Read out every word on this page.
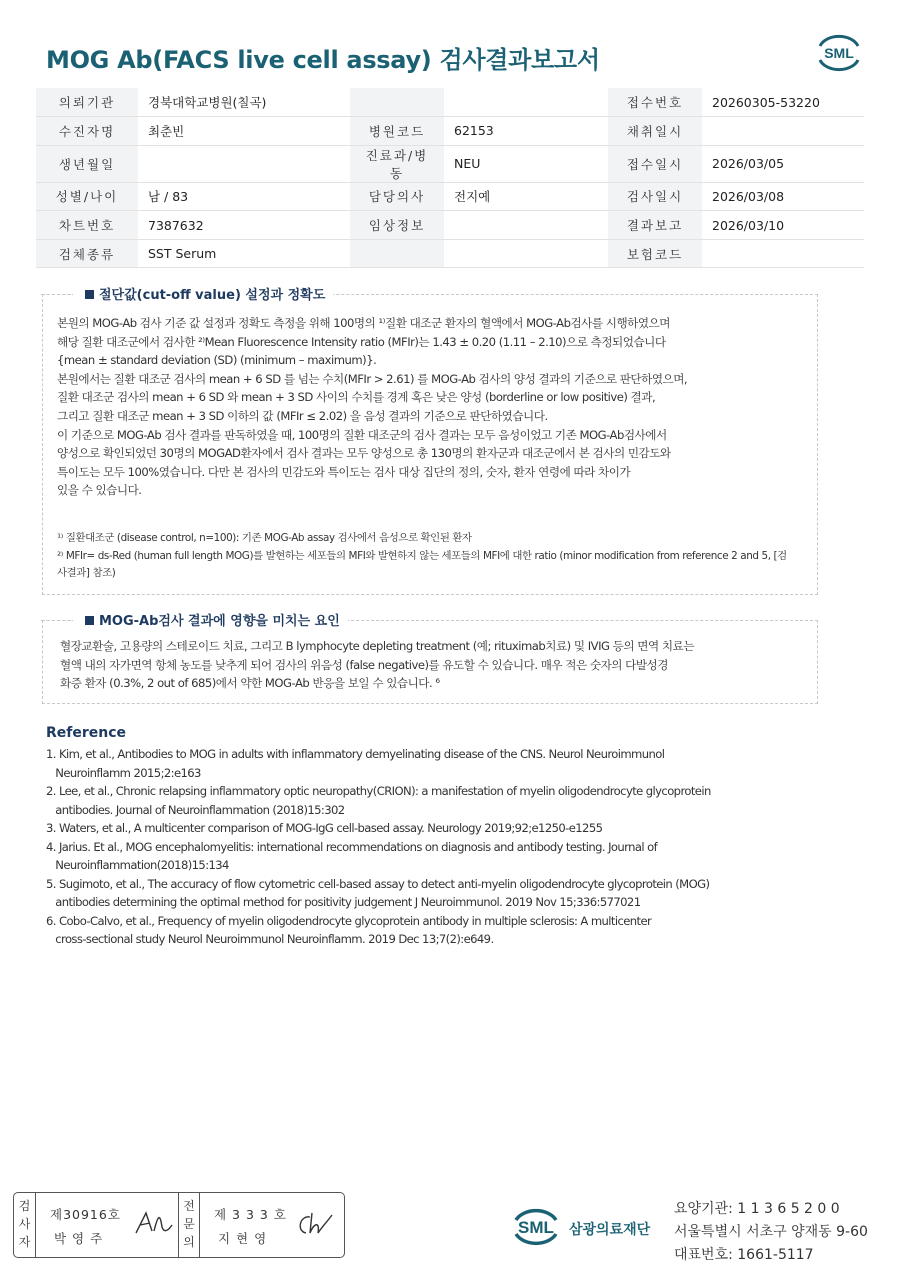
MOG Ab(FACS live cell assay) 검사결과보고서	SML
의뢰기관	경북대학교병원(칠곡)			접수번호	20260305-53220
수진자명	최춘빈	병원코드	62153	채취일시	
생년월일		진료과/병동	NEU	접수일시	2026/03/05
성별/나이	남 / 83	담당의사	전지예	검사일시	2026/03/08
차트번호	7387632	임상정보		결과보고	2026/03/10
검체종류	SST Serum			보험코드	
절단값(cut-off value) 설정과 정확도
본원의 MOG-Ab 검사 기준 값 설정과 정확도 측정을 위해 100명의 ¹⁾질환 대조군 환자의 혈액에서 MOG-Ab검사를 시행하였으며
해당 질환 대조군에서 검사한 ²⁾Mean Fluorescence Intensity ratio (MFIr)는 1.43 ± 0.20 (1.11 – 2.10)으로 측정되었습니다
{mean ± standard deviation (SD) (minimum – maximum)}.
본원에서는 질환 대조군 검사의 mean + 6 SD 를 넘는 수치(MFIr > 2.61) 를 MOG-Ab 검사의 양성 결과의 기준으로 판단하였으며,
질환 대조군 검사의 mean + 6 SD 와 mean + 3 SD 사이의 수치를 경계 혹은 낮은 양성 (borderline or low positive) 결과,
그리고 질환 대조군 mean + 3 SD 이하의 값 (MFIr ≤ 2.02) 을 음성 결과의 기준으로 판단하였습니다.
이 기준으로 MOG-Ab 검사 결과를 판독하였을 때, 100명의 질환 대조군의 검사 결과는 모두 음성이었고 기존 MOG-Ab검사에서
양성으로 확인되었던 30명의 MOGAD환자에서 검사 결과는 모두 양성으로 총 130명의 환자군과 대조군에서 본 검사의 민감도와
특이도는 모두 100%였습니다. 다만 본 검사의 민감도와 특이도는 검사 대상 집단의 정의, 숫자, 환자 연령에 따라 차이가
있을 수 있습니다.
¹⁾ 질환대조군 (disease control, n=100): 기존 MOG-Ab assay 검사에서 음성으로 확인된 환자
²⁾ MFIr= ds-Red (human full length MOG)를 발현하는 세포들의 MFI와 발현하지 않는 세포들의 MFI에 대한 ratio (minor modification from reference 2 and 5, [검
사결과] 참조)
MOG-Ab검사 결과에 영향을 미치는 요인
혈장교환술, 고용량의 스테로이드 치료, 그리고 B lymphocyte depleting treatment (예; rituximab치료) 및 IVIG 등의 면역 치료는
혈액 내의 자가면역 항체 농도를 낮추게 되어 검사의 위음성 (false negative)를 유도할 수 있습니다. 매우 적은 숫자의 다발성경
화증 환자 (0.3%, 2 out of 685)에서 약한 MOG-Ab 반응을 보일 수 있습니다. ⁶
Reference
1. Kim, et al., Antibodies to MOG in adults with inflammatory demyelinating disease of the CNS. Neurol Neuroimmunol
Neuroinflamm 2015;2:e163
2. Lee, et al., Chronic relapsing inflammatory optic neuropathy(CRION): a manifestation of myelin oligodendrocyte glycoprotein
antibodies. Journal of Neuroinflammation (2018)15:302
3. Waters, et al., A multicenter comparison of MOG-IgG cell-based assay. Neurology 2019;92;e1250-e1255
4. Jarius. Et al., MOG encephalomyelitis: international recommendations on diagnosis and antibody testing. Journal of
Neuroinflammation(2018)15:134
5. Sugimoto, et al., The accuracy of flow cytometric cell-based assay to detect anti-myelin oligodendrocyte glycoprotein (MOG)
antibodies determining the optimal method for positivity judgement J Neuroimmunol. 2019 Nov 15;336:577021
6. Cobo-Calvo, et al., Frequency of myelin oligodendrocyte glycoprotein antibody in multiple sclerosis: A multicenter
cross-sectional study Neurol Neuroimmunol Neuroinflamm. 2019 Dec 13;7(2):e649.
검
사
자
제30916호
박 영 주
전
문
의
제 3 3 3 호
지 현 영
SML 삼광의료재단
요양기관: 1 1 3 6 5 2 0 0
서울특별시 서초구 양재동 9-60
대표번호: 1661-5117
